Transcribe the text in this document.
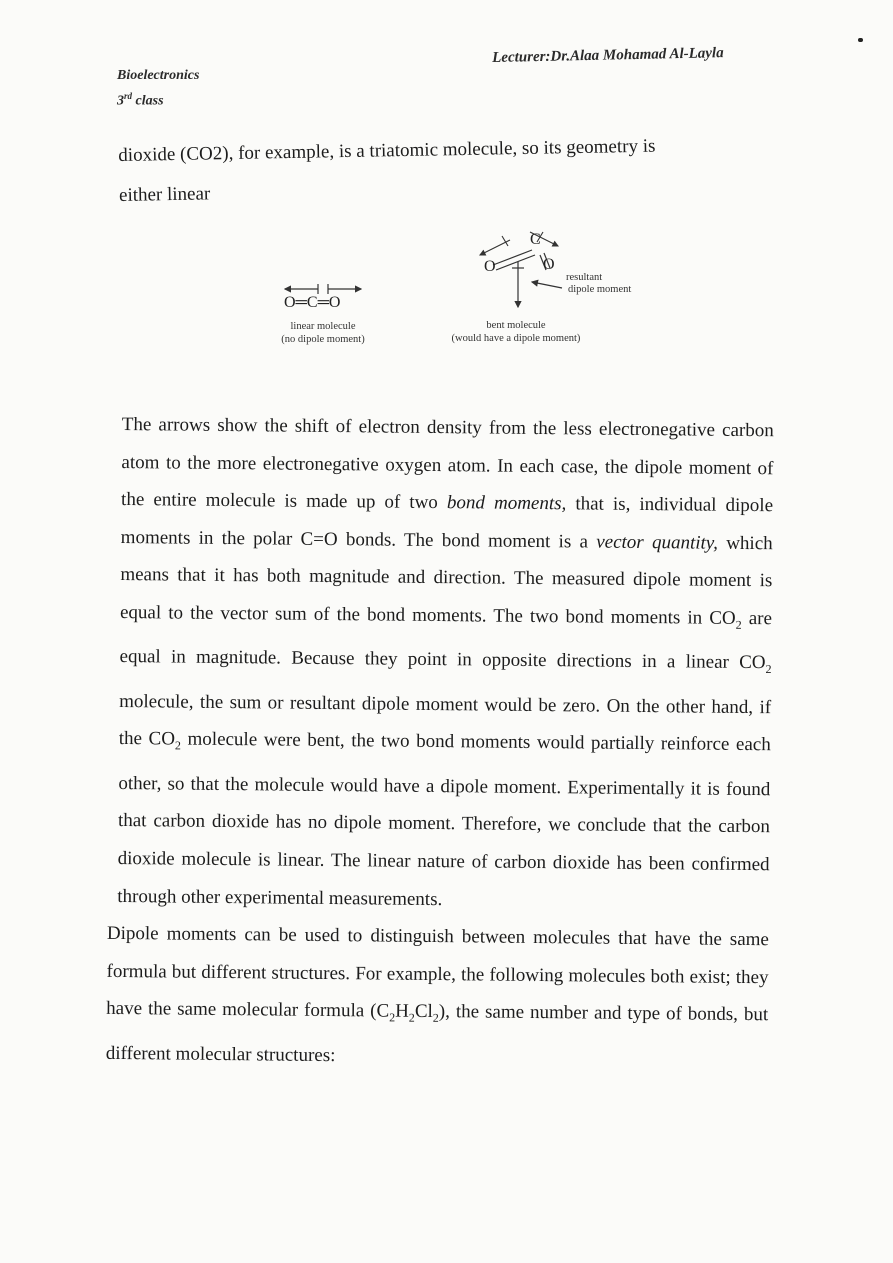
Bioelectronics
3rd class
Lecturer:Dr.Alaa Mohamad Al-Layla
dioxide (CO2), for example, is a triatomic molecule, so its geometry is
either linear
O═C═O
linear molecule
(no dipole moment)
C
O	O
resultant
dipole moment
bent molecule
(would have a dipole moment)

The arrows show the shift of electron density from the less electronegative carbon atom to the more electronegative oxygen atom. In each case, the dipole moment of the entire molecule is made up of two bond moments, that is, individual dipole moments in the polar C=O bonds. The bond moment is a vector quantity, which means that it has both magnitude and direction. The measured dipole moment is equal to the vector sum of the bond moments. The two bond moments in $CO_2$ are equal in magnitude. Because they point in opposite directions in a linear $CO_2$ molecule, the sum or resultant dipole moment would be zero. On the other hand, if the $CO_2$ molecule were bent, the two bond moments would partially reinforce each other, so that the molecule would have a dipole moment. Experimentally it is found that carbon dioxide has no dipole moment. Therefore, we conclude that the carbon dioxide molecule is linear. The linear nature of carbon dioxide has been confirmed through other experimental measurements.

Dipole moments can be used to distinguish between molecules that have the same formula but different structures. For example, the following molecules both exist; they have the same molecular formula $(C_2H_2Cl_2)$, the same number and type of bonds, but different molecular structures:
